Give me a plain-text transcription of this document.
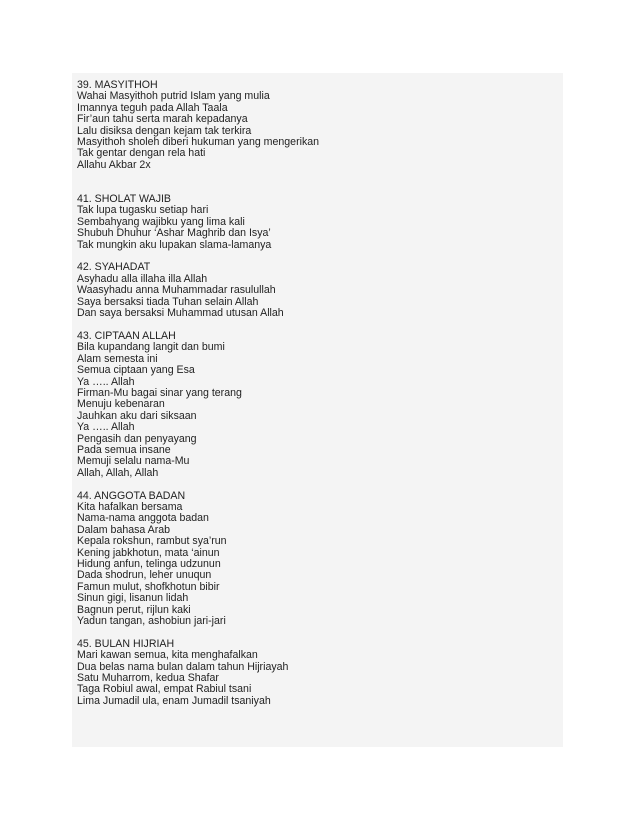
39. MASYITHOH

Wahai Masyithoh putrid Islam yang mulia

Imannya teguh pada Allah Taala

Fir’aun tahu serta marah kepadanya

Lalu disiksa dengan kejam tak terkira

Masyithoh sholeh diberi hukuman yang mengerikan

Tak gentar dengan rela hati

Allahu Akbar 2x

41. SHOLAT WAJIB

Tak lupa tugasku setiap hari

Sembahyang wajibku yang lima kali

Shubuh Dhuhur ‘Ashar Maghrib dan Isya’

Tak mungkin aku lupakan slama-lamanya

42. SYAHADAT

Asyhadu alla illaha illa Allah

Waasyhadu anna Muhammadar rasulullah

Saya bersaksi tiada Tuhan selain Allah

Dan saya bersaksi Muhammad utusan Allah

43. CIPTAAN ALLAH

Bila kupandang langit dan bumi

Alam semesta ini

Semua ciptaan yang Esa

Ya ….. Allah

Firman-Mu bagai sinar yang terang

Menuju kebenaran

Jauhkan aku dari siksaan

Ya ….. Allah

Pengasih dan penyayang

Pada semua insane

Memuji selalu nama-Mu

Allah, Allah, Allah

44. ANGGOTA BADAN

Kita hafalkan bersama

Nama-nama anggota badan

Dalam bahasa Arab

Kepala rokshun, rambut sya’run

Kening jabkhotun, mata ‘ainun

Hidung anfun, telinga udzunun

Dada shodrun, leher unuqun

Famun mulut, shofkhotun bibir

Sinun gigi, lisanun lidah

Bagnun perut, rijlun kaki

Yadun tangan, ashobiun jari-jari

45. BULAN HIJRIAH

Mari kawan semua, kita menghafalkan

Dua belas nama bulan dalam tahun Hijriayah

Satu Muharrom, kedua Shafar

Taga Robiul awal, empat Rabiul tsani

Lima Jumadil ula, enam Jumadil tsaniyah
